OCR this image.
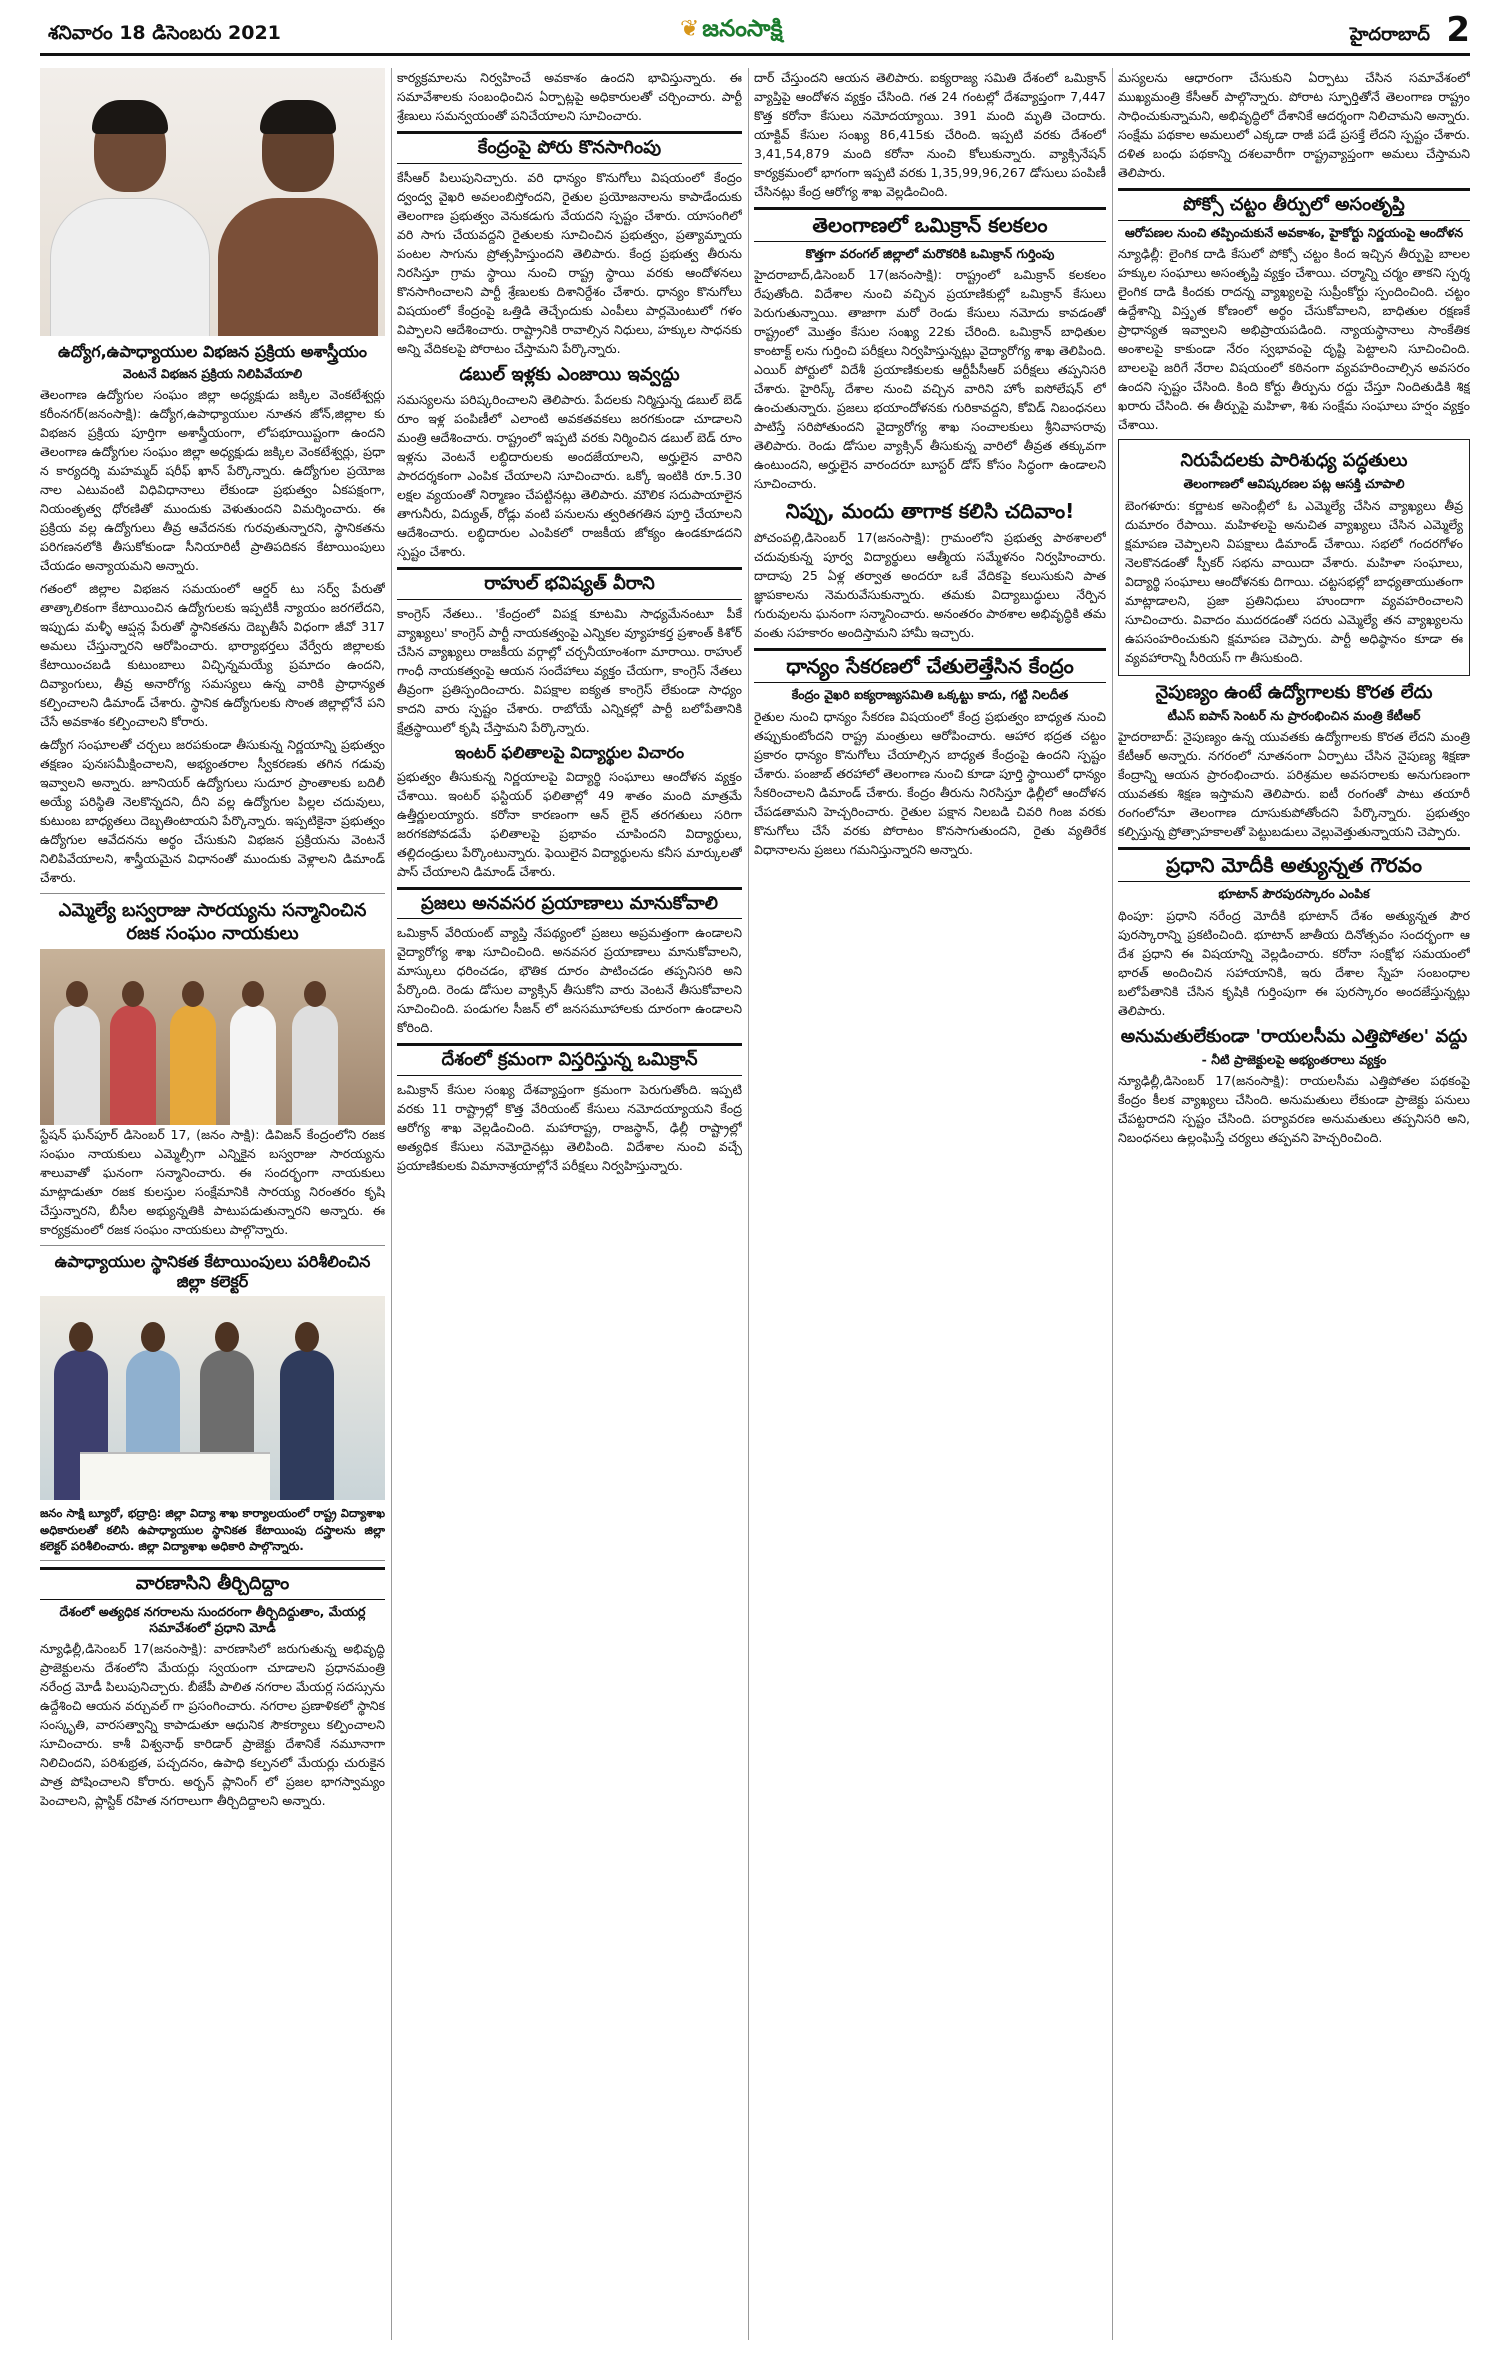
శనివారం 18 డిసెంబరు 2021	❦ జనంసాక్షి	హైదరాబాద్ 2
ఉద్యోగ,ఉపాధ్యాయుల విభజన ప్రక్రియ అశాస్త్రీయం
వెంటనే విభజన ప్రక్రియ నిలిపివేయాలి

తెలంగాణ ఉద్యోగుల సంఘం జిల్లా అధ్యక్షుడు జక్కిల వెంకటేశ్వర్లు కరీంనగర్(జనంసాక్షి): ఉద్యోగ,ఉపాధ్యాయుల నూతన జోన్,జిల్లాల కు విభజన ప్రక్రియ పూర్తిగా అశాస్త్రీయంగా, లోపభూయిష్టంగా ఉందని తెలంగాణ ఉద్యోగుల సంఘం జిల్లా అధ్యక్షుడు జక్కిల వెంకటేశ్వర్లు, ప్రధా న కార్యదర్శి మహమ్మద్ షరీఫ్ ఖాన్ పేర్కొన్నారు. ఉద్యోగుల ప్రయోజ నాల ఎటువంటి విధివిధానాలు లేకుండా ప్రభుత్వం ఏకపక్షంగా, నియంతృత్వ ధోరణితో ముందుకు వెళుతుందని విమర్శించారు. ఈ ప్రక్రియ వల్ల ఉద్యోగులు తీవ్ర ఆవేదనకు గురవుతున్నారని, స్థానికతను పరిగణనలోకి తీసుకోకుండా సీనియారిటీ ప్రాతిపదికన కేటాయింపులు చేయడం అన్యాయమని అన్నారు.

గతంలో జిల్లాల విభజన సమయంలో ఆర్డర్ టు సర్వ్ పేరుతో తాత్కాలికంగా కేటాయించిన ఉద్యోగులకు ఇప్పటికీ న్యాయం జరగలేదని, ఇప్పుడు మళ్ళీ ఆప్షన్ల పేరుతో స్థానికతను దెబ్బతీసే విధంగా జీవో 317 అమలు చేస్తున్నారని ఆరోపించారు. భార్యాభర్తలు వేర్వేరు జిల్లాలకు కేటాయించబడి కుటుంబాలు విచ్ఛిన్నమయ్యే ప్రమాదం ఉందని, దివ్యాంగులు, తీవ్ర అనారోగ్య సమస్యలు ఉన్న వారికి ప్రాధాన్యత కల్పించాలని డిమాండ్ చేశారు. స్థానిక ఉద్యోగులకు సొంత జిల్లాల్లోనే పని చేసే అవకాశం కల్పించాలని కోరారు.

ఉద్యోగ సంఘాలతో చర్చలు జరపకుండా తీసుకున్న నిర్ణయాన్ని ప్రభుత్వం తక్షణం పునఃసమీక్షించాలని, అభ్యంతరాల స్వీకరణకు తగిన గడువు ఇవ్వాలని అన్నారు. జూనియర్ ఉద్యోగులు సుదూర ప్రాంతాలకు బదిలీ అయ్యే పరిస్థితి నెలకొన్నదని, దీని వల్ల ఉద్యోగుల పిల్లల చదువులు, కుటుంబ బాధ్యతలు దెబ్బతింటాయని పేర్కొన్నారు. ఇప్పటికైనా ప్రభుత్వం ఉద్యోగుల ఆవేదనను అర్థం చేసుకుని విభజన ప్రక్రియను వెంటనే నిలిపివేయాలని, శాస్త్రీయమైన విధానంతో ముందుకు వెళ్లాలని డిమాండ్ చేశారు.

ఎమ్మెల్యే బస్వరాజు సారయ్యను సన్మానించిన రజక సంఘం నాయకులు

స్టేషన్ ఘన్‌పూర్ డిసెంబర్ 17, (జనం సాక్షి): డివిజన్ కేంద్రంలోని రజక సంఘం నాయకులు ఎమ్మెల్సీగా ఎన్నికైన బస్వరాజు సారయ్యను శాలువాతో ఘనంగా సన్మానించారు. ఈ సందర్భంగా నాయకులు మాట్లాడుతూ రజక కులస్తుల సంక్షేమానికి సారయ్య నిరంతరం కృషి చేస్తున్నారని, బీసీల అభ్యున్నతికి పాటుపడుతున్నారని అన్నారు. ఈ కార్యక్రమంలో రజక సంఘం నాయకులు పాల్గొన్నారు.

ఉపాధ్యాయుల స్థానికత కేటాయింపులు పరిశీలించిన జిల్లా కలెక్టర్

జనం సాక్షి బ్యూరో, భద్రాద్రి: జిల్లా విద్యా శాఖ కార్యాలయంలో రాష్ట్ర విద్యాశాఖ అధికారులతో కలిసి ఉపాధ్యాయుల స్థానికత కేటాయింపు దస్త్రాలను జిల్లా కలెక్టర్ పరిశీలించారు. జిల్లా విద్యాశాఖ అధికారి పాల్గొన్నారు.

వారణాసిని తీర్చిదిద్దాం
దేశంలో అత్యధిక నగరాలను సుందరంగా తీర్చిదిద్దుతాం, మేయర్ల సమావేశంలో ప్రధాని మోడీ

న్యూఢిల్లీ,డిసెంబర్ 17(జనంసాక్షి): వారణాసిలో జరుగుతున్న అభివృద్ధి ప్రాజెక్టులను దేశంలోని మేయర్లు స్వయంగా చూడాలని ప్రధానమంత్రి నరేంద్ర మోడీ పిలుపునిచ్చారు. బీజేపీ పాలిత నగరాల మేయర్ల సదస్సును ఉద్దేశించి ఆయన వర్చువల్ గా ప్రసంగించారు. నగరాల ప్రణాళికలో స్థానిక సంస్కృతి, వారసత్వాన్ని కాపాడుతూ ఆధునిక సౌకర్యాలు కల్పించాలని సూచించారు. కాశీ విశ్వనాథ్ కారిడార్ ప్రాజెక్టు దేశానికే నమూనాగా నిలిచిందని, పరిశుభ్రత, పచ్చదనం, ఉపాధి కల్పనలో మేయర్లు చురుకైన పాత్ర పోషించాలని కోరారు. అర్బన్ ప్లానింగ్ లో ప్రజల భాగస్వామ్యం పెంచాలని, ప్లాస్టిక్ రహిత నగరాలుగా తీర్చిదిద్దాలని అన్నారు.

కార్యక్రమాలను నిర్వహించే అవకాశం ఉందని భావిస్తున్నారు. ఈ సమావేశాలకు సంబంధించిన ఏర్పాట్లపై అధికారులతో చర్చించారు. పార్టీ శ్రేణులు సమన్వయంతో పనిచేయాలని సూచించారు.

కేంద్రంపై పోరు కొనసాగింపు

కేసీఆర్ పిలుపునిచ్చారు. వరి ధాన్యం కొనుగోలు విషయంలో కేంద్రం ద్వంద్వ వైఖరి అవలంబిస్తోందని, రైతుల ప్రయోజనాలను కాపాడేందుకు తెలంగాణ ప్రభుత్వం వెనుకడుగు వేయదని స్పష్టం చేశారు. యాసంగిలో వరి సాగు చేయవద్దని రైతులకు సూచించిన ప్రభుత్వం, ప్రత్యామ్నాయ పంటల సాగును ప్రోత్సహిస్తుందని తెలిపారు. కేంద్ర ప్రభుత్వ తీరును నిరసిస్తూ గ్రామ స్థాయి నుంచి రాష్ట్ర స్థాయి వరకు ఆందోళనలు కొనసాగించాలని పార్టీ శ్రేణులకు దిశానిర్దేశం చేశారు. ధాన్యం కొనుగోలు విషయంలో కేంద్రంపై ఒత్తిడి తెచ్చేందుకు ఎంపీలు పార్లమెంటులో గళం విప్పాలని ఆదేశించారు. రాష్ట్రానికి రావాల్సిన నిధులు, హక్కుల సాధనకు అన్ని వేదికలపై పోరాటం చేస్తామని పేర్కొన్నారు.

డబుల్ ఇళ్లకు ఎంజాయి ఇవ్వద్దు

సమస్యలను పరిష్కరించాలని తెలిపారు. పేదలకు నిర్మిస్తున్న డబుల్ బెడ్ రూం ఇళ్ల పంపిణీలో ఎలాంటి అవకతవకలు జరగకుండా చూడాలని మంత్రి ఆదేశించారు. రాష్ట్రంలో ఇప్పటి వరకు నిర్మించిన డబుల్ బెడ్ రూం ఇళ్లను వెంటనే లబ్ధిదారులకు అందజేయాలని, అర్హులైన వారిని పారదర్శకంగా ఎంపిక చేయాలని సూచించారు. ఒక్కో ఇంటికి రూ.5.30 లక్షల వ్యయంతో నిర్మాణం చేపట్టినట్లు తెలిపారు. మౌలిక సదుపాయాలైన తాగునీరు, విద్యుత్, రోడ్లు వంటి పనులను త్వరితగతిన పూర్తి చేయాలని ఆదేశించారు. లబ్ధిదారుల ఎంపికలో రాజకీయ జోక్యం ఉండకూడదని స్పష్టం చేశారు.

రాహుల్ భవిష్యత్ వీరాని

కాంగ్రెస్ నేతలు.. 'కేంద్రంలో విపక్ష కూటమి సాధ్యమేనంటూ పీకే వ్యాఖ్యలు' కాంగ్రెస్ పార్టీ నాయకత్వంపై ఎన్నికల వ్యూహకర్త ప్రశాంత్ కిశోర్ చేసిన వ్యాఖ్యలు రాజకీయ వర్గాల్లో చర్చనీయాంశంగా మారాయి. రాహుల్ గాంధీ నాయకత్వంపై ఆయన సందేహాలు వ్యక్తం చేయగా, కాంగ్రెస్ నేతలు తీవ్రంగా ప్రతిస్పందించారు. విపక్షాల ఐక్యత కాంగ్రెస్ లేకుండా సాధ్యం కాదని వారు స్పష్టం చేశారు. రాబోయే ఎన్నికల్లో పార్టీ బలోపేతానికి క్షేత్రస్థాయిలో కృషి చేస్తామని పేర్కొన్నారు.

ఇంటర్ ఫలితాలపై విద్యార్థుల విచారం

ప్రభుత్వం తీసుకున్న నిర్ణయాలపై విద్యార్థి సంఘాలు ఆందోళన వ్యక్తం చేశాయి. ఇంటర్ ఫస్టియర్ ఫలితాల్లో 49 శాతం మంది మాత్రమే ఉత్తీర్ణులయ్యారు. కరోనా కారణంగా ఆన్ లైన్ తరగతులు సరిగా జరగకపోవడమే ఫలితాలపై ప్రభావం చూపిందని విద్యార్థులు, తల్లిదండ్రులు పేర్కొంటున్నారు. ఫెయిలైన విద్యార్థులను కనీస మార్కులతో పాస్ చేయాలని డిమాండ్ చేశారు.

ప్రజలు అనవసర ప్రయాణాలు మానుకోవాలి

ఒమిక్రాన్ వేరియంట్ వ్యాప్తి నేపథ్యంలో ప్రజలు అప్రమత్తంగా ఉండాలని వైద్యారోగ్య శాఖ సూచించింది. అనవసర ప్రయాణాలు మానుకోవాలని, మాస్కులు ధరించడం, భౌతిక దూరం పాటించడం తప్పనిసరి అని పేర్కొంది. రెండు డోసుల వ్యాక్సిన్ తీసుకోని వారు వెంటనే తీసుకోవాలని సూచించింది. పండుగల సీజన్ లో జనసమూహాలకు దూరంగా ఉండాలని కోరింది.

దేశంలో క్రమంగా విస్తరిస్తున్న ఒమిక్రాన్

ఒమిక్రాన్ కేసుల సంఖ్య దేశవ్యాప్తంగా క్రమంగా పెరుగుతోంది. ఇప్పటి వరకు 11 రాష్ట్రాల్లో కొత్త వేరియంట్ కేసులు నమోదయ్యాయని కేంద్ర ఆరోగ్య శాఖ వెల్లడించింది. మహారాష్ట్ర, రాజస్థాన్, ఢిల్లీ రాష్ట్రాల్లో అత్యధిక కేసులు నమోదైనట్లు తెలిపింది. విదేశాల నుంచి వచ్చే ప్రయాణికులకు విమానాశ్రయాల్లోనే పరీక్షలు నిర్వహిస్తున్నారు.

దార్ చేస్తుందని ఆయన తెలిపారు. ఐక్యరాజ్య సమితి దేశంలో ఒమిక్రాన్ వ్యాప్తిపై ఆందోళన వ్యక్తం చేసింది. గత 24 గంటల్లో దేశవ్యాప్తంగా 7,447 కొత్త కరోనా కేసులు నమోదయ్యాయి. 391 మంది మృతి చెందారు. యాక్టివ్ కేసుల సంఖ్య 86,415కు చేరింది. ఇప్పటి వరకు దేశంలో 3,41,54,879 మంది కరోనా నుంచి కోలుకున్నారు. వ్యాక్సినేషన్ కార్యక్రమంలో భాగంగా ఇప్పటి వరకు 1,35,99,96,267 డోసులు పంపిణీ చేసినట్లు కేంద్ర ఆరోగ్య శాఖ వెల్లడించింది.

తెలంగాణలో ఒమిక్రాన్ కలకలం
కొత్తగా వరంగల్ జిల్లాలో మరొకరికి ఒమిక్రాన్ గుర్తింపు

హైదరాబాద్,డిసెంబర్ 17(జనంసాక్షి): రాష్ట్రంలో ఒమిక్రాన్ కలకలం రేపుతోంది. విదేశాల నుంచి వచ్చిన ప్రయాణికుల్లో ఒమిక్రాన్ కేసులు పెరుగుతున్నాయి. తాజాగా మరో రెండు కేసులు నమోదు కావడంతో రాష్ట్రంలో మొత్తం కేసుల సంఖ్య 22కు చేరింది. ఒమిక్రాన్ బాధితుల కాంటాక్ట్ లను గుర్తించి పరీక్షలు నిర్వహిస్తున్నట్లు వైద్యారోగ్య శాఖ తెలిపింది. ఎయిర్ పోర్టులో విదేశీ ప్రయాణికులకు ఆర్టీపీసీఆర్ పరీక్షలు తప్పనిసరి చేశారు. హైరిస్క్ దేశాల నుంచి వచ్చిన వారిని హోం ఐసోలేషన్ లో ఉంచుతున్నారు. ప్రజలు భయాందోళనకు గురికావద్దని, కోవిడ్ నిబంధనలు పాటిస్తే సరిపోతుందని వైద్యారోగ్య శాఖ సంచాలకులు శ్రీనివాసరావు తెలిపారు. రెండు డోసుల వ్యాక్సిన్ తీసుకున్న వారిలో తీవ్రత తక్కువగా ఉంటుందని, అర్హులైన వారందరూ బూస్టర్ డోస్ కోసం సిద్ధంగా ఉండాలని సూచించారు.

నిప్పు, మందు తాగాక కలిసి చదివాం!

పోచంపల్లి,డిసెంబర్ 17(జనంసాక్షి): గ్రామంలోని ప్రభుత్వ పాఠశాలలో చదువుకున్న పూర్వ విద్యార్థులు ఆత్మీయ సమ్మేళనం నిర్వహించారు. దాదాపు 25 ఏళ్ల తర్వాత అందరూ ఒకే వేదికపై కలుసుకుని పాత జ్ఞాపకాలను నెమరువేసుకున్నారు. తమకు విద్యాబుద్ధులు నేర్పిన గురువులను ఘనంగా సన్మానించారు. అనంతరం పాఠశాల అభివృద్ధికి తమ వంతు సహకారం అందిస్తామని హామీ ఇచ్చారు.

ధాన్యం సేకరణలో చేతులెత్తేసిన కేంద్రం
కేంద్రం వైఖరి ఐక్యరాజ్యసమితి ఒక్కట్టు కాదు, గట్టి నిలదీత

రైతుల నుంచి ధాన్యం సేకరణ విషయంలో కేంద్ర ప్రభుత్వం బాధ్యత నుంచి తప్పుకుంటోందని రాష్ట్ర మంత్రులు ఆరోపించారు. ఆహార భద్రత చట్టం ప్రకారం ధాన్యం కొనుగోలు చేయాల్సిన బాధ్యత కేంద్రంపై ఉందని స్పష్టం చేశారు. పంజాబ్ తరహాలో తెలంగాణ నుంచి కూడా పూర్తి స్థాయిలో ధాన్యం సేకరించాలని డిమాండ్ చేశారు. కేంద్రం తీరును నిరసిస్తూ ఢిల్లీలో ఆందోళన చేపడతామని హెచ్చరించారు. రైతుల పక్షాన నిలబడి చివరి గింజ వరకు కొనుగోలు చేసే వరకు పోరాటం కొనసాగుతుందని, రైతు వ్యతిరేక విధానాలను ప్రజలు గమనిస్తున్నారని అన్నారు.

మస్యలను ఆధారంగా చేసుకుని ఏర్పాటు చేసిన సమావేశంలో ముఖ్యమంత్రి కేసీఆర్ పాల్గొన్నారు. పోరాట స్ఫూర్తితోనే తెలంగాణ రాష్ట్రం సాధించుకున్నామని, అభివృద్ధిలో దేశానికే ఆదర్శంగా నిలిచామని అన్నారు. సంక్షేమ పథకాల అమలులో ఎక్కడా రాజీ పడే ప్రసక్తే లేదని స్పష్టం చేశారు. దళిత బంధు పథకాన్ని దశలవారీగా రాష్ట్రవ్యాప్తంగా అమలు చేస్తామని తెలిపారు.

పోక్సో చట్టం తీర్పులో అసంతృప్తి
ఆరోపణల నుంచి తప్పించుకునే అవకాశం, హైకోర్టు నిర్ణయంపై ఆందోళన

న్యూఢిల్లీ: లైంగిక దాడి కేసులో పోక్సో చట్టం కింద ఇచ్చిన తీర్పుపై బాలల హక్కుల సంఘాలు అసంతృప్తి వ్యక్తం చేశాయి. చర్మాన్ని చర్మం తాకని స్పర్శ లైంగిక దాడి కిందకు రాదన్న వ్యాఖ్యలపై సుప్రీంకోర్టు స్పందించింది. చట్టం ఉద్దేశాన్ని విస్తృత కోణంలో అర్థం చేసుకోవాలని, బాధితుల రక్షణకే ప్రాధాన్యత ఇవ్వాలని అభిప్రాయపడింది. న్యాయస్థానాలు సాంకేతిక అంశాలపై కాకుండా నేరం స్వభావంపై దృష్టి పెట్టాలని సూచించింది. బాలలపై జరిగే నేరాల విషయంలో కఠినంగా వ్యవహరించాల్సిన అవసరం ఉందని స్పష్టం చేసింది. కింది కోర్టు తీర్పును రద్దు చేస్తూ నిందితుడికి శిక్ష ఖరారు చేసింది. ఈ తీర్పుపై మహిళా, శిశు సంక్షేమ సంఘాలు హర్షం వ్యక్తం చేశాయి.

నిరుపేదలకు పారిశుధ్య పద్ధతులు
తెలంగాణలో ఆవిష్కరణల పట్ల ఆసక్తి చూపాలి

బెంగళూరు: కర్ణాటక అసెంబ్లీలో ఓ ఎమ్మెల్యే చేసిన వ్యాఖ్యలు తీవ్ర దుమారం రేపాయి. మహిళలపై అనుచిత వ్యాఖ్యలు చేసిన ఎమ్మెల్యే క్షమాపణ చెప్పాలని విపక్షాలు డిమాండ్ చేశాయి. సభలో గందరగోళం నెలకొనడంతో స్పీకర్ సభను వాయిదా వేశారు. మహిళా సంఘాలు, విద్యార్థి సంఘాలు ఆందోళనకు దిగాయి. చట్టసభల్లో బాధ్యతాయుతంగా మాట్లాడాలని, ప్రజా ప్రతినిధులు హుందాగా వ్యవహరించాలని సూచించారు. వివాదం ముదరడంతో సదరు ఎమ్మెల్యే తన వ్యాఖ్యలను ఉపసంహరించుకుని క్షమాపణ చెప్పారు. పార్టీ అధిష్ఠానం కూడా ఈ వ్యవహారాన్ని సీరియస్ గా తీసుకుంది.

నైపుణ్యం ఉంటే ఉద్యోగాలకు కొరత లేదు
టీఎస్ ఐపాస్ సెంటర్ ను ప్రారంభించిన మంత్రి కేటీఆర్

హైదరాబాద్: నైపుణ్యం ఉన్న యువతకు ఉద్యోగాలకు కొరత లేదని మంత్రి కేటీఆర్ అన్నారు. నగరంలో నూతనంగా ఏర్పాటు చేసిన నైపుణ్య శిక్షణా కేంద్రాన్ని ఆయన ప్రారంభించారు. పరిశ్రమల అవసరాలకు అనుగుణంగా యువతకు శిక్షణ ఇస్తామని తెలిపారు. ఐటీ రంగంతో పాటు తయారీ రంగంలోనూ తెలంగాణ దూసుకుపోతోందని పేర్కొన్నారు. ప్రభుత్వం కల్పిస్తున్న ప్రోత్సాహకాలతో పెట్టుబడులు వెల్లువెత్తుతున్నాయని చెప్పారు.

ప్రధాని మోదీకి అత్యున్నత గౌరవం
భూటాన్ పౌరపురస్కారం ఎంపిక

థింపూ: ప్రధాని నరేంద్ర మోదీకి భూటాన్ దేశం అత్యున్నత పౌర పురస్కారాన్ని ప్రకటించింది. భూటాన్ జాతీయ దినోత్సవం సందర్భంగా ఆ దేశ ప్రధాని ఈ విషయాన్ని వెల్లడించారు. కరోనా సంక్షోభ సమయంలో భారత్ అందించిన సహాయానికి, ఇరు దేశాల స్నేహ సంబంధాల బలోపేతానికి చేసిన కృషికి గుర్తింపుగా ఈ పురస్కారం అందజేస్తున్నట్లు తెలిపారు.

అనుమతులేకుండా 'రాయలసీమ ఎత్తిపోతల' వద్దు
- నీటి ప్రాజెక్టులపై అభ్యంతరాలు వ్యక్తం

న్యూఢిల్లీ,డిసెంబర్ 17(జనంసాక్షి): రాయలసీమ ఎత్తిపోతల పథకంపై కేంద్రం కీలక వ్యాఖ్యలు చేసింది. అనుమతులు లేకుండా ప్రాజెక్టు పనులు చేపట్టరాదని స్పష్టం చేసింది. పర్యావరణ అనుమతులు తప్పనిసరి అని, నిబంధనలు ఉల్లంఘిస్తే చర్యలు తప్పవని హెచ్చరించింది.
